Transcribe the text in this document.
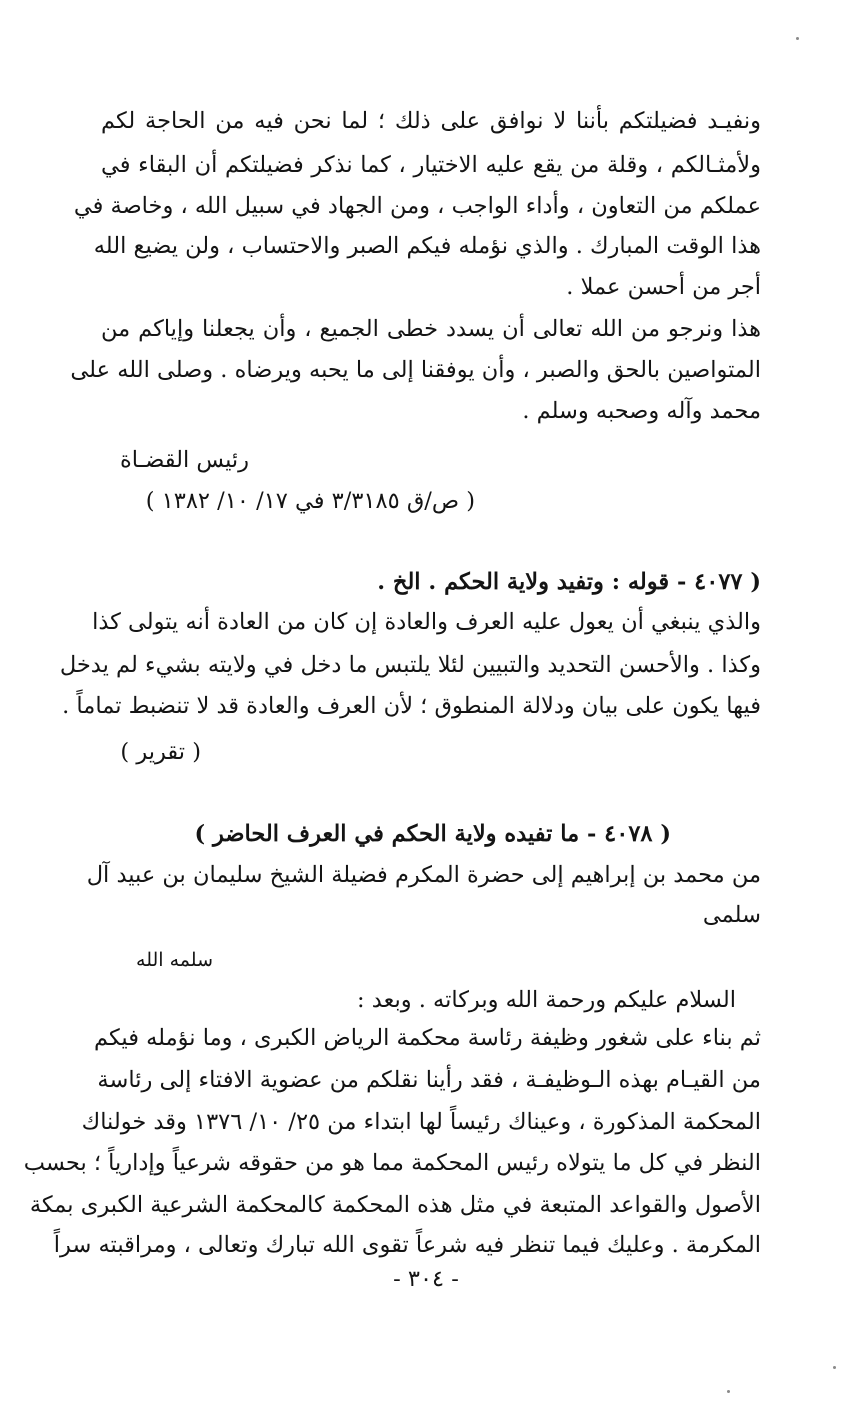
ونفيـد فضيلتكم بأننا لا نوافق على ذلك ؛ لما نحن فيه من الحاجة لكم
ولأمثـالكم ، وقلة من يقع عليه الاختيار ، كما نذكر فضيلتكم أن البقاء في
عملكم من التعاون ، وأداء الواجب ، ومن الجهاد في سبيل الله ، وخاصة في
هذا الوقت المبارك . والذي نؤمله فيكم الصبر والاحتساب ، ولن يضيع الله
أجر من أحسن عملا .
هذا ونرجو من الله تعالى أن يسدد خطى الجميع ، وأن يجعلنا وإياكم من
المتواصين بالحق والصبر ، وأن يوفقنا إلى ما يحبه ويرضاه . وصلى الله على
محمد وآله وصحبه وسلم .
رئيس القضـاة
( ص/ق ٣/٣١٨٥ في ١٧/ ١٠/ ١٣٨٢ )
( ٤٠٧٧ - قوله : وتفيد ولاية الحكم . الخ .
والذي ينبغي أن يعول عليه العرف والعادة إن كان من العادة أنه يتولى كذا
وكذا . والأحسن التحديد والتبيين لئلا يلتبس ما دخل في ولايته بشيء لم يدخل
فيها يكون على بيان ودلالة المنطوق ؛ لأن العرف والعادة قد لا تنضبط تماماً .
( تقرير )
( ٤٠٧٨ - ما تفيده ولاية الحكم في العرف الحاضر )
من محمد بن إبراهيم إلى حضرة المكرم فضيلة الشيخ سليمان بن عبيد آل
سلمى
سلمه الله
السلام عليكم ورحمة الله وبركاته . وبعد :
ثم بناء على شغور وظيفة رئاسة محكمة الرياض الكبرى ، وما نؤمله فيكم
من القيـام بهذه الـوظيفـة ، فقد رأينا نقلكم من عضوية الافتاء إلى رئاسة
المحكمة المذكورة ، وعيناك رئيساً لها ابتداء من ٢٥/ ١٠/ ١٣٧٦ وقد خولناك
النظر في كل ما يتولاه رئيس المحكمة مما هو من حقوقه شرعياً وإدارياً ؛ بحسب
الأصول والقواعد المتبعة في مثل هذه المحكمة كالمحكمة الشرعية الكبرى بمكة
المكرمة . وعليك فيما تنظر فيه شرعاً تقوى الله تبارك وتعالى ، ومراقبته سراً
- ٣٠٤ -
